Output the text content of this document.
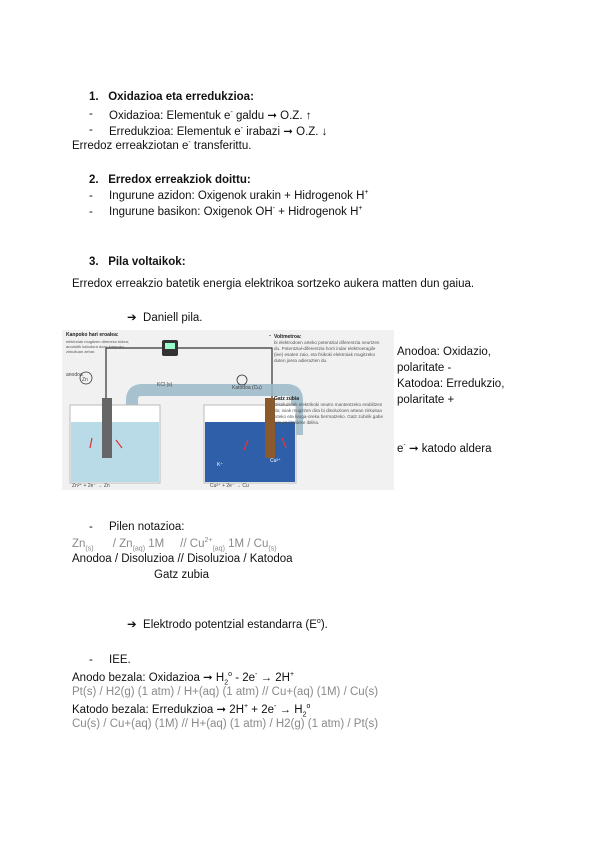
1. Oxidazioa eta erredukzioa:
- Oxidazioa: Elementuk e- galdu ➞ O.Z. ↑
- Erredukzioa: Elementuk e- irabazi ➞ O.Z. ↓
Erredoz erreakziotan e- transferittu.
2. Erredox erreakziok doittu:
- Ingurune azidon: Oxigenok urakin + Hidrogenok H+
- Ingurune basikon: Oxigenok OH- + Hidrogenok H+
3. Pila voltaikok:
Erredox erreakzio batetik energia elektrikoa sortzeko aukera matten dun gaiua.
➔ Daniell pila.
Kanpoko hari eroalea:
elektroiak mugitzen direneko bidea; anodotik katodora doaz kanpoko zirkuituan zehar.
anodoa
Zn
KCl (s)	Katodoa (Cu)
Cu²⁺
K⁺
Zn²⁺ + 2e⁻ → Zn	Cu²⁺ + 2e⁻ → Cu
Voltmetroa:
bi elektrodoen arteko potentzial diferentzia neurtzen du. Potentzial-diferentzia horri indar elektroeragile (iee) esaten zaio, eta fisikoki elektroiak mugitzeko duten joera adierazten du.
Gatz zubia
Disoluzioak elektrikoki neutro mantentzeko erabiltzen da; ioiak mugitzen dira bi disoluzioen artean zirkuitua ixteko eta karga-oreka bermatzeko. Gatz zubirik gabe pila ez litzateke ibiliko.
Anodoa: Oxidazio,
polaritate -
Katodoa: Erredukzio,
polaritate +
e- ➞ katodo aldera
- Pilen notazioa:
$Zn_{(s)}$      / $Zn_{(aq)}$ 1M     // $Cu^{2+}_{(aq)}$ $1M / Cu_{(s)}$
Anodoa / Disoluzioa // Disoluzioa / Katodoa
Gatz zubia
➔ Elektrodo potentzial estandarra $(E^o)$.
- IEE.
Anodo bezala: Oxidazioa ➞ $H_2^o - 2e^- \to 2H^+$
Pt(s) / H2(g) (1 atm) / H+(aq) (1 atm) // Cu+(aq) (1M) / Cu(s)
Katodo bezala: Erredukzioa ➞ $2H^+ + 2e^- \to H_2^o$
Cu(s) / Cu+(aq) (1M) // H+(aq) (1 atm) / H2(g) (1 atm) / Pt(s)
